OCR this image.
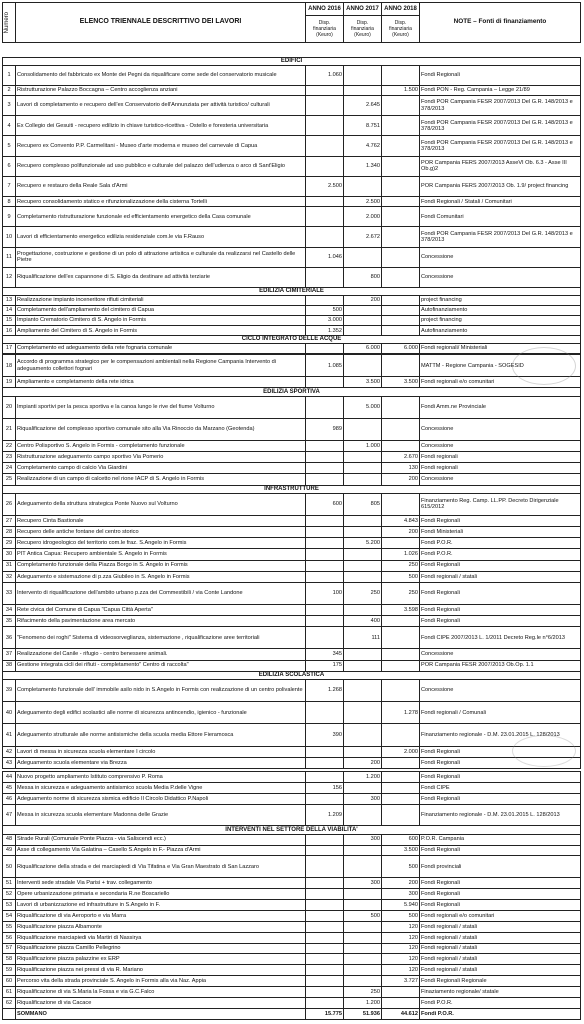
Numero	ELENCO TRIENNALE DESCRITTIVO DEI LAVORI	ANNO 2016	ANNO 2017	ANNO 2018	NOTE – Fonti di finanziamento
		Disp. finanziaria (Keuro)	Disp. finanziaria (Keuro)	Disp. finanziaria (Keuro)	
EDIFICI					
1	Consolidamento del fabbricato ex Monte dei Pegni da riqualificare come sede del conservatorio musicale	1.060			Fondi Regionali
2	Ristrutturazione Palazzo Boccagna – Centro accoglienza anziani			1.500	Fondi PON - Reg. Campania – Legge 21/89
3	Lavori di completamento e recupero dell'ex Conservatorio dell'Annunziata per attività turistico/ culturali		2.645		Fondi POR Campania FESR 2007/2013 Del G.R. 148/2013 e 378/2013
4	Ex Collegio dei Gesuiti - recupero edilizio in chiave turistico-ricettiva - Ostello e foresteria universitaria		8.751		Fondi POR Campania FESR 2007/2013 Del G.R. 148/2013 e 378/2013
5	Recupero ex Convento P.P. Carmelitani - Museo d'arte moderna e museo del carnevale di Capua		4.762		Fondi POR Campania FESR 2007/2013 Del G.R. 148/2013 e 378/2013
6	Recupero complesso polifunzionale ad uso pubblico e culturale del palazzo dell'udienza o arco di Sant'Eligio		1.340		POR Campania FERS 2007/2013 AsseVI Ob. 6.3 - Asse III Ob.g)2
7	Recupero e restauro della Reale Sala d'Armi	2.500			POR Campania FERS 2007/2013 Ob. 1.9/ project financing
8	Recupero consolidamento statico e rifunzionalizzazione della cisterna Tortelli		2.500		Fondi Regionali / Statali / Comunitari
9	Completamento ristrutturazione funzionale ed efficientamento energetico della Casa comunale		2.000		Fondi Comunitari
10	Lavori di efficientamento energetico edilizia residenziale com.le via F.Rauso		2.672		Fondi POR Campania FESR 2007/2013 Del G.R. 148/2013 e 378/2013
11	Progettazione, costruzione e gestione di un polo di attrazione artisitca e culturale da realizzarsi nel Castello delle Pietre	1.046			Concessione
12	Riqualificazione dell'ex capannone di S. Eligio da destinare ad attività terziarie		800		Concessione
EDILIZIA CIMITERIALE					
13	Realizzazione impianto inceneritore rifiuti cimiteriali		200		project financing
14	Completamento dell'ampliamento del cimitero di Capua	500			Autofinanziamento
15	Impianto Crematorio Cimitero di S. Angelo in Formis	3.000			project financing
16	Ampliamento del Cimitero di S. Angelo in Formis	1.352			Autofinanziamento
CICLO INTEGRATO DELLE ACQUE					
17	Completamento ed adeguamento della rete fognaria comunale		6.000	6.000	Fondi regionali/ Ministeriali
18	Accordo di programma strategico per le compensazioni ambientali nella Regione Campania Intervento di adeguamento collettori fognari	1.085			MATTM - Regione Campania - SOGESID
19	Ampliamento e completamento della rete idrica		3.500	3.500	Fondi regionali e/o comunitari
EDILIZIA SPORTIVA					
20	Impianti sportivi per la pesca sportiva e la canoa lungo le rive del fiume Volturno		5.000		Fondi Amm.ne Provinciale
21	Riqualificazione del complesso sportivo comunale sito alla Via Rinoccio da Marzano (Geotenda)	989			Concessione
22	Centro Polisportivo S. Angelo in Formis - completamento funzionale		1.000		Concessione
23	Ristrutturazione adeguamento campo sportivo Via Pomerio			2.670	Fondi regionali
24	Completamento campo di calcio Via Giardini			130	Fondi regionali
25	Realizzazione di un campo di calcetto nel rione IACP di S. Angelo in Formis			200	Concessione
INFRASTRUTTURE					
26	Adeguamento della struttura strategica Ponte Nuovo sul Volturno	600	805		Finanziamento Reg. Camp. LL.PP. Decreto Dirigenziale 615/2012
27	Recupero Cinta Bastionale			4.843	Fondi Regionali
28	Recupero delle antiche fontane del centro storico			200	Fondi Ministeriali
29	Recupero idrogeologico del territorio com.le fraz. S.Angelo in Formis		5.200		Fondi P.O.R.
30	PIT Antica Capua: Recupero ambientale S. Angelo in Formis			1.026	Fondi P.O.R.
31	Completamento funzionale della Piazza Borgo in S. Angelo in Formis			250	Fondi Regionali
32	Adeguamento e sistemazione di p.zza Giubileo in S. Angelo in Formis			500	Fondi regionali / statali
33	Intervento di riqualificazione dell'ambito urbano p.zza dei Commestibili / via Conte Landone	100	250	250	Fondi Regionali
34	Rete civica del Comune di Capua "Capua Città Aperta"			3.598	Fondi Regionali
35	Rifacimento della pavimentazione area mercato		400		Fondi Regionali
36	"Fenomeno dei roghi" Sistema di videosorveglianza, sistemazione , riqualificazione aree territoriali		111		Fondi CIPE 2007/2013 L. 1/2011 Decreto Reg.le n°6/2013
37	Realizzazione del Canile - rifugio - centro benessere animali.	345			Concessione
38	Gestione integrata cicli dei rifiuti - completamento" Centro di raccolta"	175			POR Campania FESR 2007/2013 Ob.Op. 1.1
EDILIZIA SCOLASTICA					
39	Completamento funzionale dell' immobile asilo nido in S.Angelo in Formis con realizzazione di un centro polivalente	1.268			Concessione
40	Adeguamento degli edifici scolastici alle norme di sicurezza antincendio, igienico - funzionale			1.278	Fondi regionali / Comunali
41	Adeguamento strutturale alle norme antisismiche della scuola media Ettore Fieramosca	390			Finanziamento regionale - D.M. 23.01.2015 L. 128/2013
42	Lavori di messa in sicurezza scuola elementare I circolo			2.000	Fondi Regionali
43	Adeguamento scuola elementare via Brezza		200		Fondi Regionali
44	Nuovo progetto ampliamento Istituto comprensivo P. Roma		1.200		Fondi Regionali
45	Messa in sicurezza e adeguamento antisismico scuola Media P.delle Vigne	156			Fondi CIPE
46	Adeguamento norme di sicurezza sismica edificio Il Circolo Didattico P.Napoli		300		Fondi Regionali
47	Messa in sicurezza scuola elementare Madonna delle Grazie	1.209			Finanziamento regionale - D.M. 23.01.2015 L. 128/2013
INTERVENTI NEL SETTORE DELLA VIABILITA'					
48	Strade Rurali (Comunale Ponte Piazza - via Saliscendi ecc.)		300	600	P.O.R. Campania
49	Asse di collegamento Via Galatina – Casello S.Angelo in F.- Piazza d'Armi			3.500	Fondi Regionali
50	Riqualificazione della strada e dei marciapiedi di Via Tifatina e Via Gran Maestrato di San Lazzaro			500	Fondi provinciali
51	Interventi sede stradale Via Parisi + trav. collegamento		300	200	Fondi Regionali
52	Opere urbanizzazione primaria e secondaria R.ne Boscariello			300	Fondi Regionali
53	Lavori di urbanizzazione ed infrastrutture in S.Angelo in F.			5.940	Fondi Regionali
54	Riqualificazione di via Aeroporto e via Marra		500	500	Fondi regionali e/o comunitari
55	Riqualificazione piazza Albamonte			120	Fondi regionali / statali
56	Riqualificazione marciapiedi via Martiri di Nassirya			120	Fondi regionali / statali
57	Riqualificazione piazza Camillo Pellegrino			120	Fondi regionali / statali
58	Riqualificazione piazza palazzine ex ERP			120	Fondi regionali / statali
59	Riqualificazione piazza nei pressi di via R. Mariano			120	Fondi regionali / statali
60	Percorso vita della strada provinciale S. Angelo in Formis alla via Naz. Appia			3.727	Fondi Regionali Regionale
61	Riqualificazione di via S.Maria la Fossa e via G.C.Falco		250		Finaziamento regionale/ statale
62	Riqualificazione di via Cacace		1.200		Fondi P.O.R.
	SOMMANO	15.775	51.936	44.612	Fondi P.O.R.
